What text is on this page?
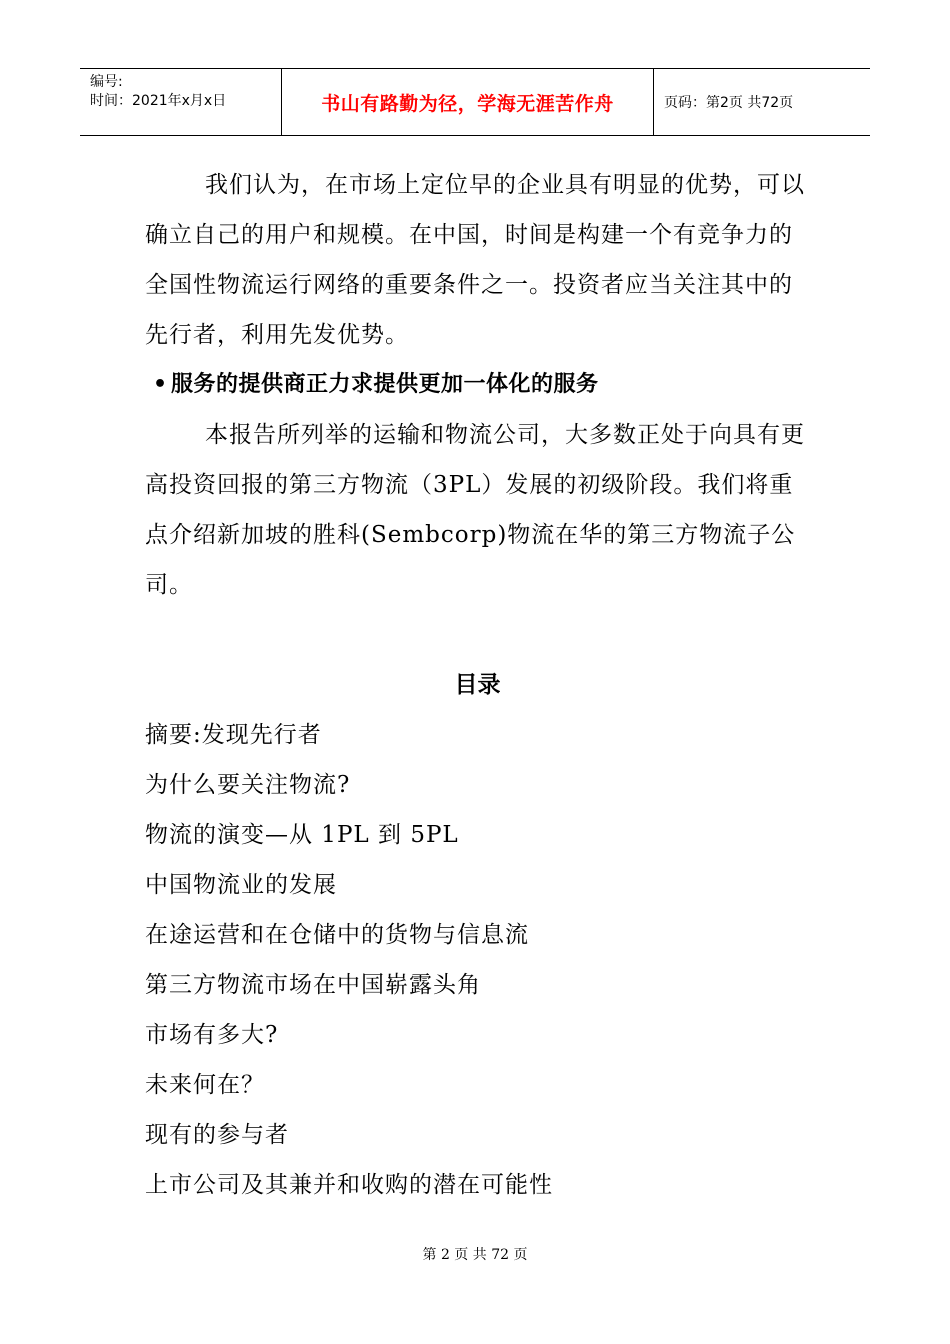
编号:
时间：2021年x月x日	书山有路勤为径，学海无涯苦作舟	页码：第2页 共72页

我们认为，在市场上定位早的企业具有明显的优势，可以确立自己的用户和规模。在中国，时间是构建一个有竞争力的全国性物流运行网络的重要条件之一。投资者应当关注其中的先行者，利用先发优势。

• 服务的提供商正力求提供更加一体化的服务

本报告所列举的运输和物流公司，大多数正处于向具有更高投资回报的第三方物流（3PL）发展的初级阶段。我们将重点介绍新加坡的胜科(Sembcorp)物流在华的第三方物流子公司。

目录
摘要:发现先行者
为什么要关注物流?
物流的演变—从 1PL 到 5PL
中国物流业的发展
在途运营和在仓储中的货物与信息流
第三方物流市场在中国崭露头角
市场有多大?
未来何在？
现有的参与者
上市公司及其兼并和收购的潜在可能性
第 2 页 共 72 页
